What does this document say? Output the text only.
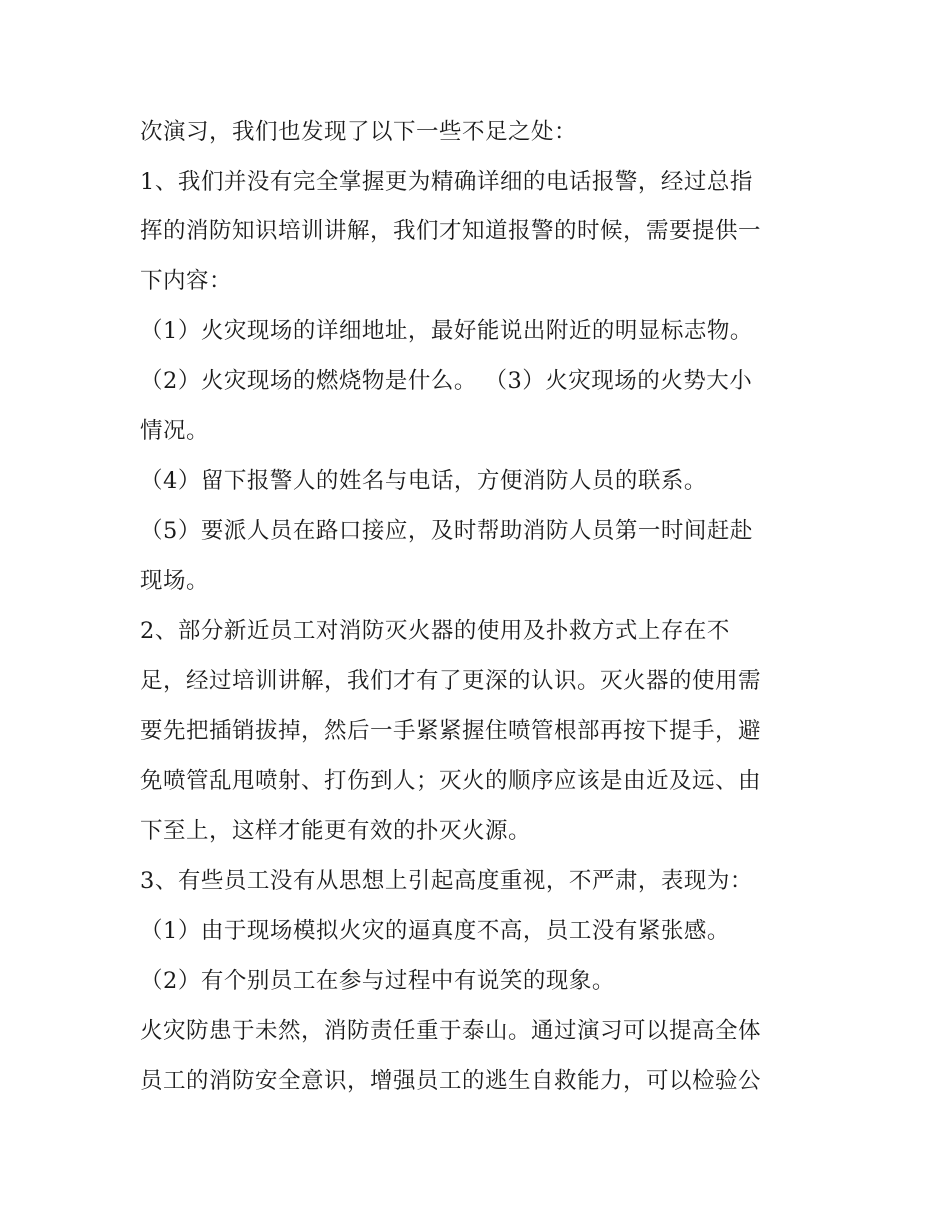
次演习，我们也发现了以下一些不足之处：

1、我们并没有完全掌握更为精确详细的电话报警，经过总指

挥的消防知识培训讲解，我们才知道报警的时候，需要提供一

下内容：

（1）火灾现场的详细地址，最好能说出附近的明显标志物。

（2）火灾现场的燃烧物是什么。 （3）火灾现场的火势大小

情况。

（4）留下报警人的姓名与电话，方便消防人员的联系。

（5）要派人员在路口接应，及时帮助消防人员第一时间赶赴

现场。

2、部分新近员工对消防灭火器的使用及扑救方式上存在不

足，经过培训讲解，我们才有了更深的认识。灭火器的使用需

要先把插销拔掉，然后一手紧紧握住喷管根部再按下提手，避

免喷管乱甩喷射、打伤到人；灭火的顺序应该是由近及远、由

下至上，这样才能更有效的扑灭火源。

3、有些员工没有从思想上引起高度重视，不严肃，表现为：

（1）由于现场模拟火灾的逼真度不高，员工没有紧张感。

（2）有个别员工在参与过程中有说笑的现象。

火灾防患于未然，消防责任重于泰山。通过演习可以提高全体

员工的消防安全意识，增强员工的逃生自救能力，可以检验公
